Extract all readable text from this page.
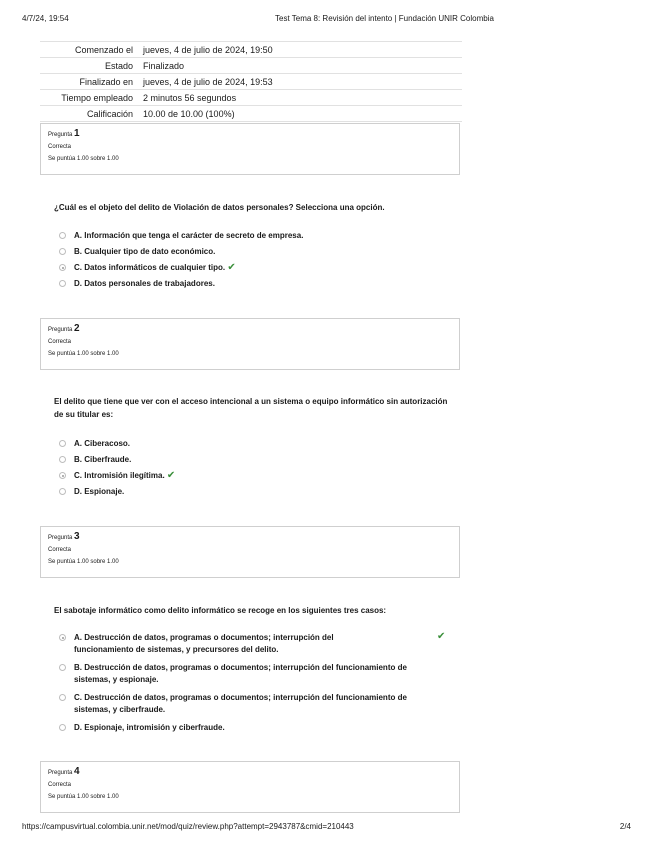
4/7/24, 19:54	Test Tema 8: Revisión del intento | Fundación UNIR Colombia
Comenzado el	jueves, 4 de julio de 2024, 19:50
Estado	Finalizado
Finalizado en	jueves, 4 de julio de 2024, 19:53
Tiempo empleado	2 minutos 56 segundos
Calificación	10.00 de 10.00 (100%)
Pregunta 1
Correcta
Se puntúa 1.00 sobre 1.00
¿Cuál es el objeto del delito de Violación de datos personales? Selecciona una opción.
A. Información que tenga el carácter de secreto de empresa.
B. Cualquier tipo de dato económico.
C. Datos informáticos de cualquier tipo. ✔
D. Datos personales de trabajadores.
Pregunta 2
Correcta
Se puntúa 1.00 sobre 1.00
El delito que tiene que ver con el acceso intencional a un sistema o equipo informático sin autorización de su titular es:
A. Ciberacoso.
B. Ciberfraude.
C. Intromisión ilegítima. ✔
D. Espionaje.
Pregunta 3
Correcta
Se puntúa 1.00 sobre 1.00
El sabotaje informático como delito informático se recoge en los siguientes tres casos:
A. Destrucción de datos, programas o documentos; interrupción del funcionamiento de sistemas, y precursores del delito.
✔
B. Destrucción de datos, programas o documentos; interrupción del funcionamiento de sistemas, y espionaje.
C. Destrucción de datos, programas o documentos; interrupción del funcionamiento de sistemas, y ciberfraude.
D. Espionaje, intromisión y ciberfraude.
Pregunta 4
Correcta
Se puntúa 1.00 sobre 1.00
https://campusvirtual.colombia.unir.net/mod/quiz/review.php?attempt=2943787&cmid=210443	2/4
